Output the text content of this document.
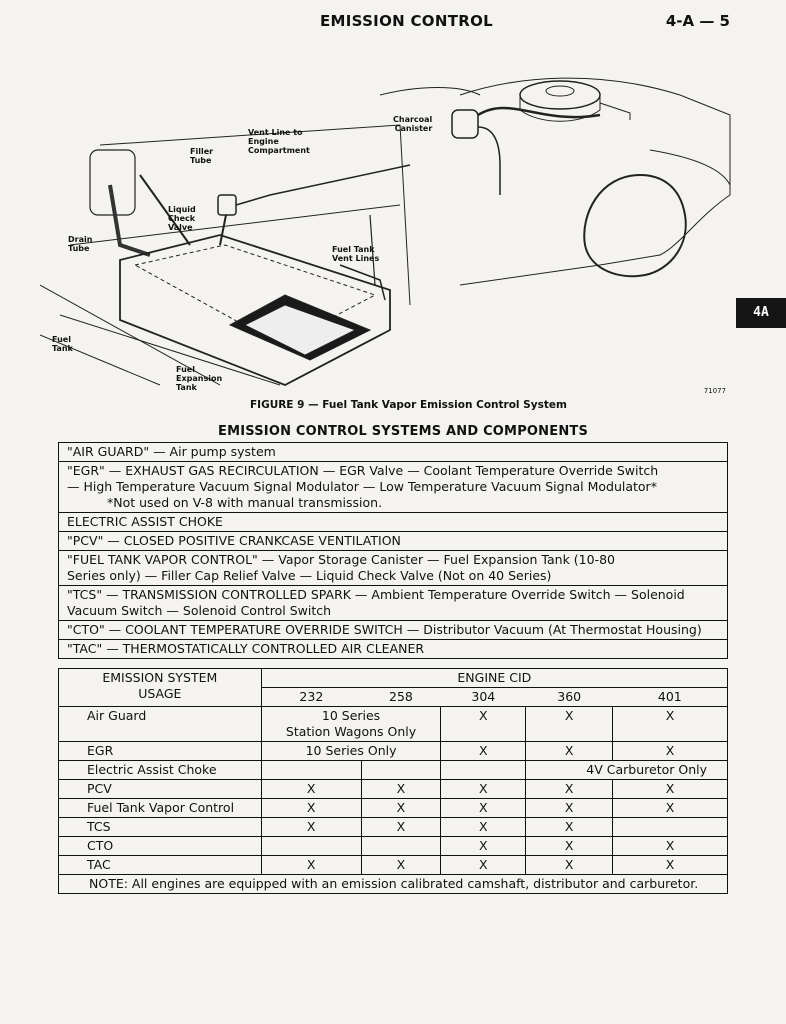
EMISSION CONTROL	4-A — 5
4A
Charcoal
Canister
Vent Line to
Engine
Compartment
Filler
Tube
Liquid
Check
Valve
Drain
Tube	Fuel Tank
Vent Lines
Fuel
Tank
Fuel
Expansion
Tank	71077
FIGURE 9 — Fuel Tank Vapor Emission Control System
EMISSION CONTROL SYSTEMS AND COMPONENTS
"AIR GUARD" — Air pump system

"EGR" — EXHAUST GAS RECIRCULATION — EGR Valve — Coolant Temperature Override Switch
— High Temperature Vacuum Signal Modulator — Low Temperature Vacuum Signal Modulator*
*Not used on V-8 with manual transmission.

ELECTRIC ASSIST CHOKE
"PCV" — CLOSED POSITIVE CRANKCASE VENTILATION

"FUEL TANK VAPOR CONTROL" — Vapor Storage Canister — Fuel Expansion Tank (10-80
Series only) — Filler Cap Relief Valve — Liquid Check Valve (Not on 40 Series)

"TCS" — TRANSMISSION CONTROLLED SPARK — Ambient Temperature Override Switch — Solenoid
Vacuum Switch — Solenoid Control Switch

"CTO" — COOLANT TEMPERATURE OVERRIDE SWITCH — Distributor Vacuum (At Thermostat Housing)
"TAC" — THERMOSTATICALLY CONTROLLED AIR CLEANER
EMISSION SYSTEM
USAGE	ENGINE CID				
	232	258	304	360	401
Air Guard	10 Series
Station Wagons Only		X	X	X
EGR	10 Series Only		X	X	X
Electric Assist Choke				4V Carburetor Only	
PCV	X	X	X	X	X
Fuel Tank Vapor Control	X	X	X	X	X
TCS	X	X	X	X	
CTO			X	X	X
TAC	X	X	X	X	X
NOTE: All engines are equipped with an emission calibrated camshaft, distributor and carburetor.					
